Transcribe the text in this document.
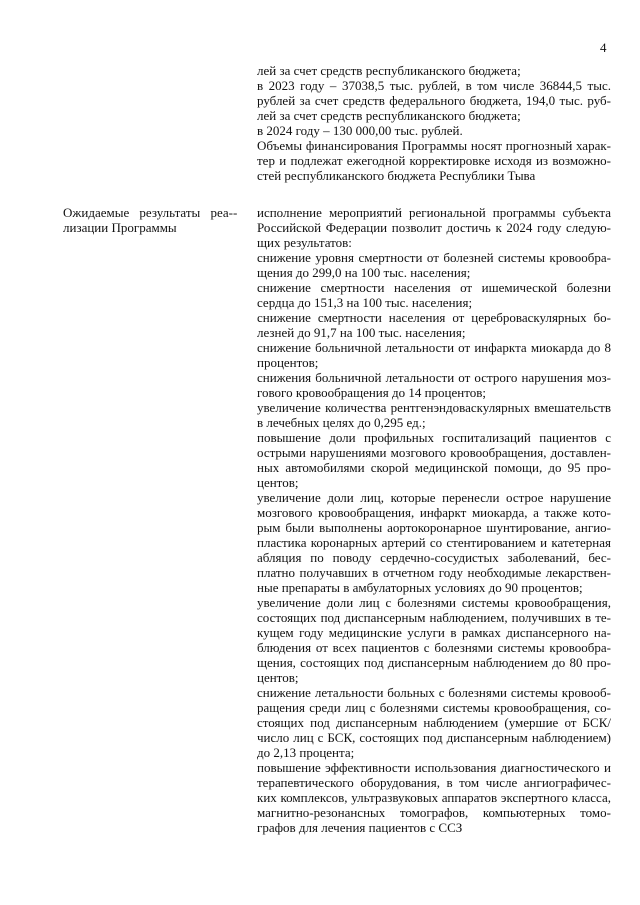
4
лей за счет средств республиканского бюджета;
в 2023 году – 37038,5 тыс. рублей, в том числе 36844,5 тыс.
рублей за счет средств федерального бюджета, 194,0 тыс. руб-
лей за счет средств республиканского бюджета;
в 2024 году – 130 000,00 тыс. рублей.
Объемы финансирования Программы носят прогнозный харак-
тер и подлежат ежегодной корректировке исходя из возможно-
стей республиканского бюджета Республики Тыва
Ожидаемые результаты реа-
лизации Программы
- исполнение мероприятий региональной программы субъекта
Российской Федерации позволит достичь к 2024 году следую-
щих результатов:
снижение уровня смертности от болезней системы кровообра-
щения до 299,0 на 100 тыс. населения;
снижение смертности населения от ишемической болезни
сердца до 151,3 на 100 тыс. населения;
снижение смертности населения от цереброваскулярных бо-
лезней до 91,7 на 100 тыс. населения;
снижение больничной летальности от инфаркта миокарда до 8
процентов;
снижения больничной летальности от острого нарушения моз-
гового кровообращения до 14 процентов;
увеличение количества рентгенэндоваскулярных вмешательств
в лечебных целях до 0,295 ед.;
повышение доли профильных госпитализаций пациентов с
острыми нарушениями мозгового кровообращения, доставлен-
ных автомобилями скорой медицинской помощи, до 95 про-
центов;
увеличение доли лиц, которые перенесли острое нарушение
мозгового кровообращения, инфаркт миокарда, а также кото-
рым были выполнены аортокоронарное шунтирование, ангио-
пластика коронарных артерий со стентированием и катетерная
абляция по поводу сердечно-сосудистых заболеваний, бес-
платно получавших в отчетном году необходимые лекарствен-
ные препараты в амбулаторных условиях до 90 процентов;
увеличение доли лиц с болезнями системы кровообращения,
состоящих под диспансерным наблюдением, получивших в те-
кущем году медицинские услуги в рамках диспансерного на-
блюдения от всех пациентов с болезнями системы кровообра-
щения, состоящих под диспансерным наблюдением до 80 про-
центов;
снижение летальности больных с болезнями системы кровооб-
ращения среди лиц с болезнями системы кровообращения, со-
стоящих под диспансерным наблюдением (умершие от БСК/
число лиц с БСК, состоящих под диспансерным наблюдением)
до 2,13 процента;
повышение эффективности использования диагностического и
терапевтического оборудования, в том числе ангиографичес-
ких комплексов, ультразвуковых аппаратов экспертного класса,
магнитно-резонансных томографов, компьютерных томо-
графов для лечения пациентов с ССЗ
